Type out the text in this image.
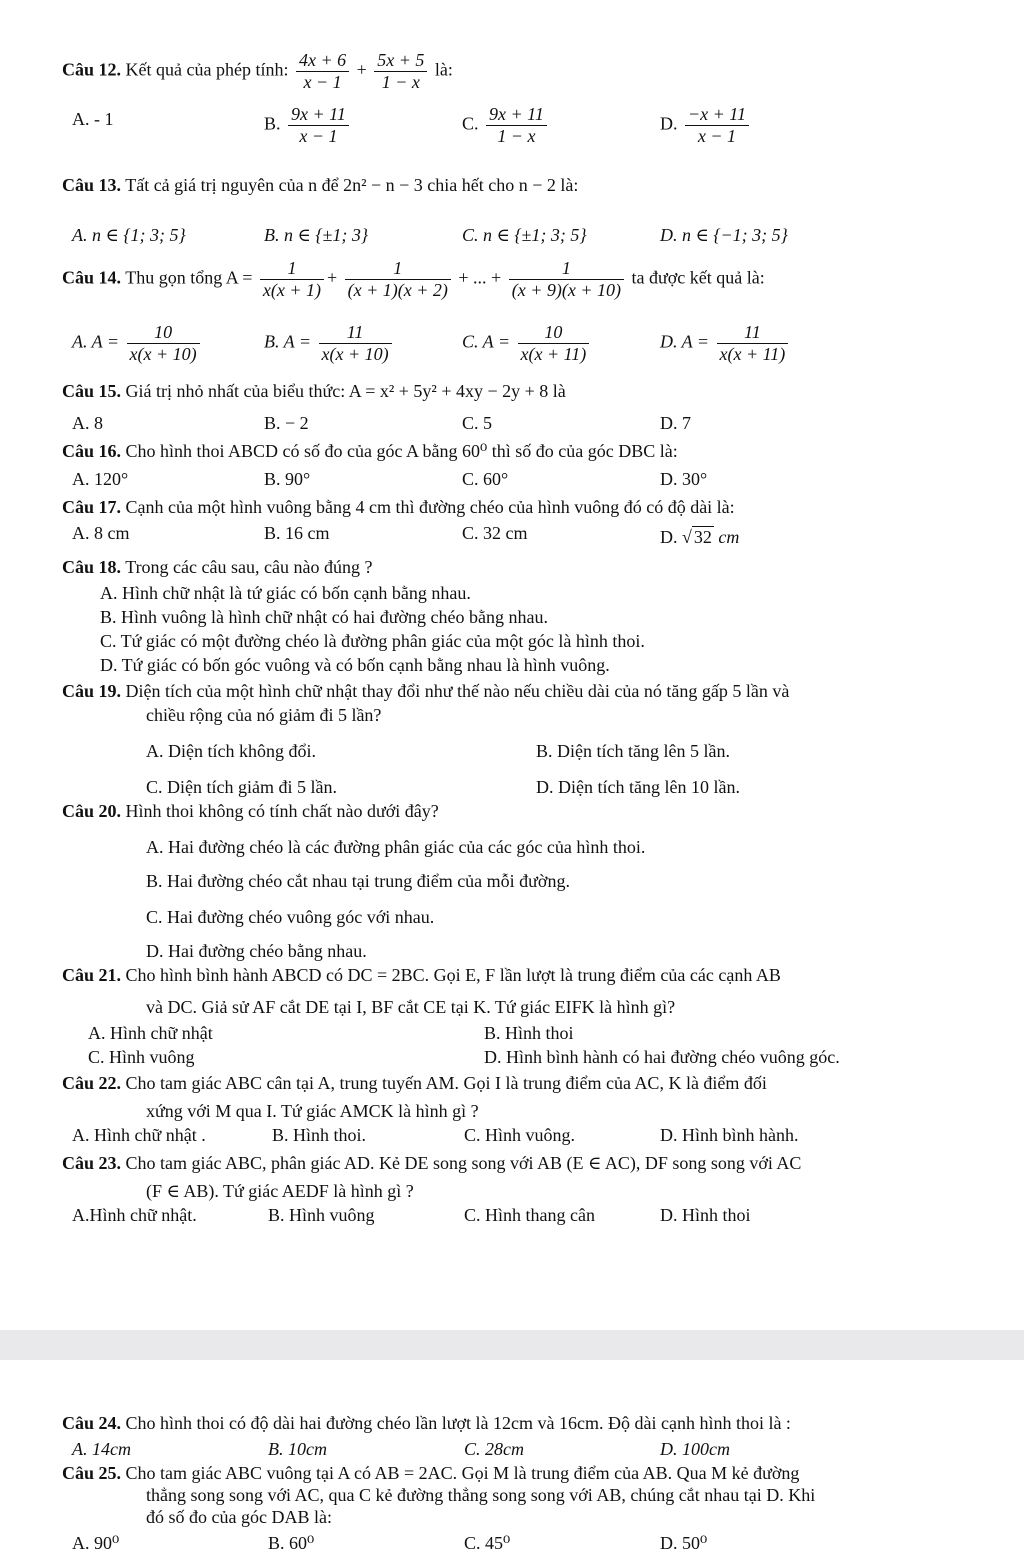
Câu 12. Kết quả của phép tính: $\frac{4x + 6}{x - 1} + \frac{5x + 5}{1 - x}$ là:
A. - 1	B. $\frac{9x + 11}{x - 1}$	C. $\frac{9x + 11}{1 - x}$	D. $\frac{-x + 11}{x - 1}$
Câu 13. Tất cả giá trị nguyên của n để 2n² − n − 3 chia hết cho n − 2 là:
A. n ∈ {1; 3; 5}	B. n ∈ {±1; 3}	C. n ∈ {±1; 3; 5}	D. n ∈ {−1; 3; 5}
Câu 14. Thu gọn tổng $A = \frac{1}{x(x + 1)} + \frac{1}{(x + 1)(x + 2)}$ + ... + $\frac{1}{(x + 9)(x + 10)}$ ta được kết quả là:
A. $A = \frac{10}{x(x + 10)}$	B. $A = \frac{11}{x(x + 10)}$	C. $A = \frac{10}{x(x + 11)}$	D. $A = \frac{11}{x(x + 11)}$
Câu 15. Giá trị nhỏ nhất của biểu thức: A = x² + 5y² + 4xy − 2y + 8 là
A. 8	B. − 2	C. 5	D. 7
Câu 16. Cho hình thoi ABCD có số đo của góc A bằng 60⁰ thì số đo của góc DBC là:
A. 120°	B. 90°	C. 60°	D. 30°
Câu 17. Cạnh của một hình vuông bằng 4 cm thì đường chéo của hình vuông đó có độ dài là:
A. 8 cm	B. 16 cm	C. 32 cm	D. √ 32 cm
Câu 18. Trong các câu sau, câu nào đúng ?
A. Hình chữ nhật là tứ giác có bốn cạnh bằng nhau.
B. Hình vuông là hình chữ nhật có hai đường chéo bằng nhau.
C. Tứ giác có một đường chéo là đường phân giác của một góc là hình thoi.
D. Tứ giác có bốn góc vuông và có bốn cạnh bằng nhau là hình vuông.
Câu 19. Diện tích của một hình chữ nhật thay đổi như thế nào nếu chiều dài của nó tăng gấp 5 lần và
chiều rộng của nó giảm đi 5 lần?
A. Diện tích không đổi.	B. Diện tích tăng lên 5 lần.
C. Diện tích giảm đi 5 lần.	D. Diện tích tăng lên 10 lần.
Câu 20. Hình thoi không có tính chất nào dưới đây?
A. Hai đường chéo là các đường phân giác của các góc của hình thoi.
B. Hai đường chéo cắt nhau tại trung điểm của mỗi đường.
C. Hai đường chéo vuông góc với nhau.
D. Hai đường chéo bằng nhau.
Câu 21. Cho hình bình hành ABCD có DC = 2BC. Gọi E, F lần lượt là trung điểm của các cạnh AB
và DC. Giả sử AF cắt DE tại I, BF cắt CE tại K. Tứ giác EIFK là hình gì?
A. Hình chữ nhật	B. Hình thoi
C. Hình vuông	D. Hình bình hành có hai đường chéo vuông góc.
Câu 22. Cho tam giác ABC cân tại A, trung tuyến AM. Gọi I là trung điểm của AC, K là điểm đối
xứng với M qua I. Tứ giác AMCK là hình gì ?
A. Hình chữ nhật .	B. Hình thoi.	C. Hình vuông.	D. Hình bình hành.
Câu 23. Cho tam giác ABC, phân giác AD. Kẻ DE song song với AB (E ∈ AC), DF song song với AC
(F ∈ AB). Tứ giác AEDF là hình gì ?
A.Hình chữ nhật.	B. Hình vuông	C. Hình thang cân	D. Hình thoi
Câu 24. Cho hình thoi có độ dài hai đường chéo lần lượt là 12cm và 16cm. Độ dài cạnh hình thoi là :
A. 14cm	B. 10cm	C. 28cm	D. 100cm
Câu 25. Cho tam giác ABC vuông tại A có AB = 2AC. Gọi M là trung điểm của AB. Qua M kẻ đường
thẳng song song với AC, qua C kẻ đường thẳng song song với AB, chúng cắt nhau tại D. Khi
đó số đo của góc DAB là:
A. 90⁰	B. 60⁰	C. 45⁰	D. 50⁰
